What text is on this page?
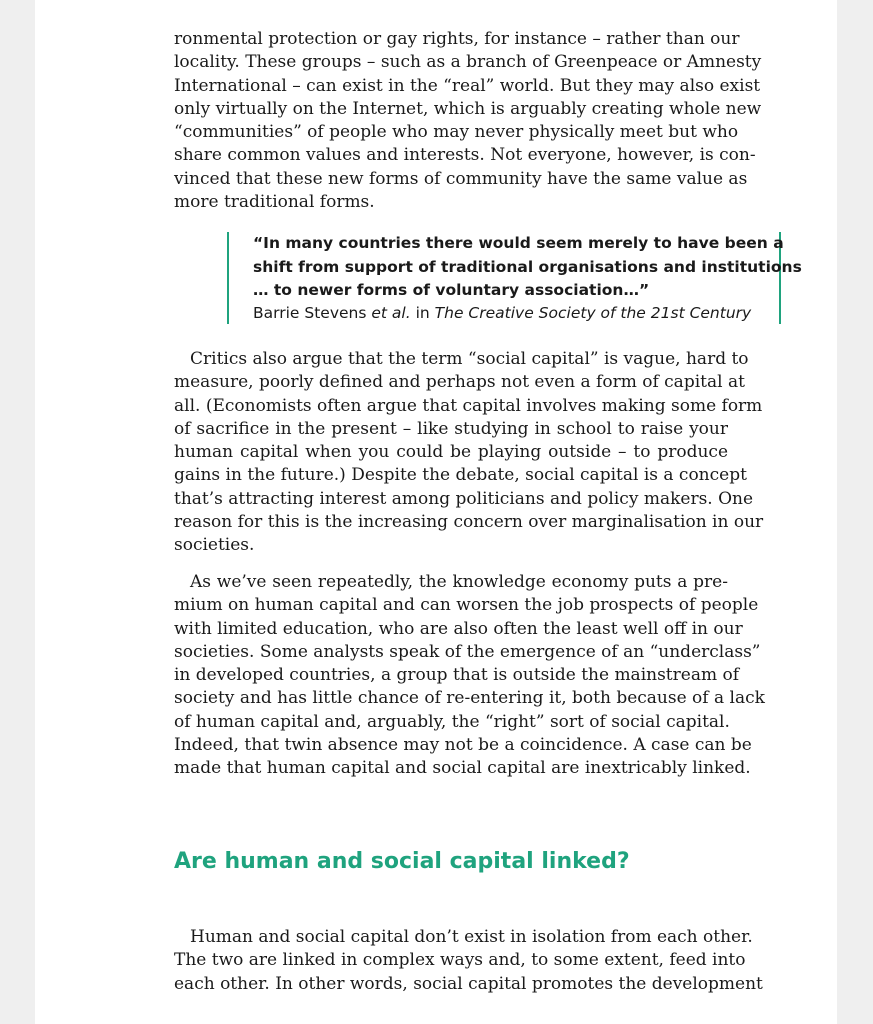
ronmental protection or gay rights, for instance – rather than our
locality. These groups – such as a branch of Greenpeace or Amnesty
International – can exist in the “real” world. But they may also exist
only virtually on the Internet, which is arguably creating whole new
“communities” of people who may never physically meet but who
share common values and interests. Not everyone, however, is con-
vinced that these new forms of community have the same value as
more traditional forms.
“In many countries there would seem merely to have been a
shift from support of traditional organisations and institutions
… to newer forms of voluntary association…”
Barrie Stevens et al. in The Creative Society of the 21st Century
Critics also argue that the term “social capital” is vague, hard to
measure, poorly defined and perhaps not even a form of capital at
all. (Economists often argue that capital involves making some form
of sacrifice in the present – like studying in school to raise your
human capital when you could be playing outside – to produce
gains in the future.) Despite the debate, social capital is a concept
that’s attracting interest among politicians and policy makers. One
reason for this is the increasing concern over marginalisation in our
societies.
As we’ve seen repeatedly, the knowledge economy puts a pre-
mium on human capital and can worsen the job prospects of people
with limited education, who are also often the least well off in our
societies. Some analysts speak of the emergence of an “underclass”
in developed countries, a group that is outside the mainstream of
society and has little chance of re-entering it, both because of a lack
of human capital and, arguably, the “right” sort of social capital.
Indeed, that twin absence may not be a coincidence. A case can be
made that human capital and social capital are inextricably linked.
Are human and social capital linked?
Human and social capital don’t exist in isolation from each other.
The two are linked in complex ways and, to some extent, feed into
each other. In other words, social capital promotes the development
